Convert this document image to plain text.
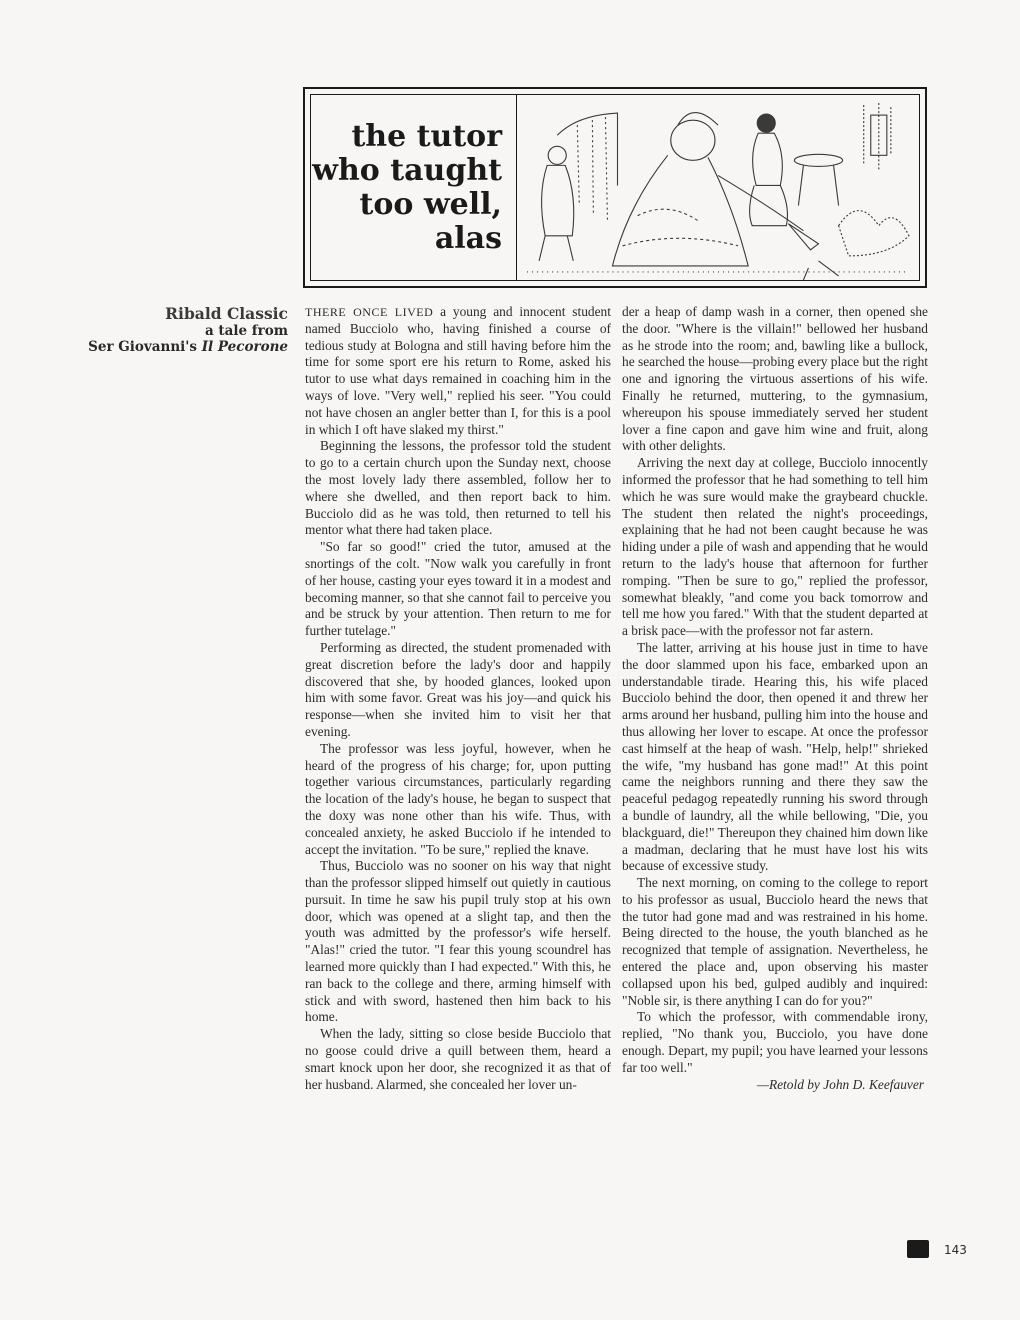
the tutor
who taught
too well,
alas
Ribald Classic
a tale from
Ser Giovanni's Il Pecorone

THERE ONCE LIVED a young and innocent student named Bucciolo who, having finished a course of tedious study at Bologna and still having before him the time for some sport ere his return to Rome, asked his tutor to use what days remained in coaching him in the ways of love. "Very well," replied his seer. "You could not have chosen an angler better than I, for this is a pool in which I oft have slaked my thirst."

Beginning the lessons, the professor told the student to go to a certain church upon the Sunday next, choose the most lovely lady there assembled, follow her to where she dwelled, and then report back to him. Bucciolo did as he was told, then returned to tell his mentor what there had taken place.

"So far so good!" cried the tutor, amused at the snortings of the colt. "Now walk you carefully in front of her house, casting your eyes toward it in a modest and becoming manner, so that she cannot fail to perceive you and be struck by your attention. Then return to me for further tutelage."

Performing as directed, the student promenaded with great discretion before the lady's door and happily discovered that she, by hooded glances, looked upon him with some favor. Great was his joy—and quick his response—when she invited him to visit her that evening.

The professor was less joyful, however, when he heard of the progress of his charge; for, upon putting together various circumstances, particularly regarding the location of the lady's house, he began to suspect that the doxy was none other than his wife. Thus, with concealed anxiety, he asked Bucciolo if he intended to accept the invitation. "To be sure," replied the knave.

Thus, Bucciolo was no sooner on his way that night than the professor slipped himself out quietly in cautious pursuit. In time he saw his pupil truly stop at his own door, which was opened at a slight tap, and then the youth was admitted by the professor's wife herself. "Alas!" cried the tutor. "I fear this young scoundrel has learned more quickly than I had expected." With this, he ran back to the college and there, arming himself with stick and with sword, hastened then him back to his home.

When the lady, sitting so close beside Bucciolo that no goose could drive a quill between them, heard a smart knock upon her door, she recognized it as that of her husband. Alarmed, she concealed her lover un-

der a heap of damp wash in a corner, then opened she the door. "Where is the villain!" bellowed her husband as he strode into the room; and, bawling like a bullock, he searched the house—probing every place but the right one and ignoring the virtuous assertions of his wife. Finally he returned, muttering, to the gymnasium, whereupon his spouse immediately served her student lover a fine capon and gave him wine and fruit, along with other delights.

Arriving the next day at college, Bucciolo innocently informed the professor that he had something to tell him which he was sure would make the graybeard chuckle. The student then related the night's proceedings, explaining that he had not been caught because he was hiding under a pile of wash and appending that he would return to the lady's house that afternoon for further romping. "Then be sure to go," replied the professor, somewhat bleakly, "and come you back tomorrow and tell me how you fared." With that the student departed at a brisk pace—with the professor not far astern.

The latter, arriving at his house just in time to have the door slammed upon his face, embarked upon an understandable tirade. Hearing this, his wife placed Bucciolo behind the door, then opened it and threw her arms around her husband, pulling him into the house and thus allowing her lover to escape. At once the professor cast himself at the heap of wash. "Help, help!" shrieked the wife, "my husband has gone mad!" At this point came the neighbors running and there they saw the peaceful pedagog repeatedly running his sword through a bundle of laundry, all the while bellowing, "Die, you blackguard, die!" Thereupon they chained him down like a madman, declaring that he must have lost his wits because of excessive study.

The next morning, on coming to the college to report to his professor as usual, Bucciolo heard the news that the tutor had gone mad and was restrained in his home. Being directed to the house, the youth blanched as he recognized that temple of assignation. Nevertheless, he entered the place and, upon observing his master collapsed upon his bed, gulped audibly and inquired: "Noble sir, is there anything I can do for you?"

To which the professor, with commendable irony, replied, "No thank you, Bucciolo, you have done enough. Depart, my pupil; you have learned your lessons far too well."

—Retold by John D. Keefauver

143
